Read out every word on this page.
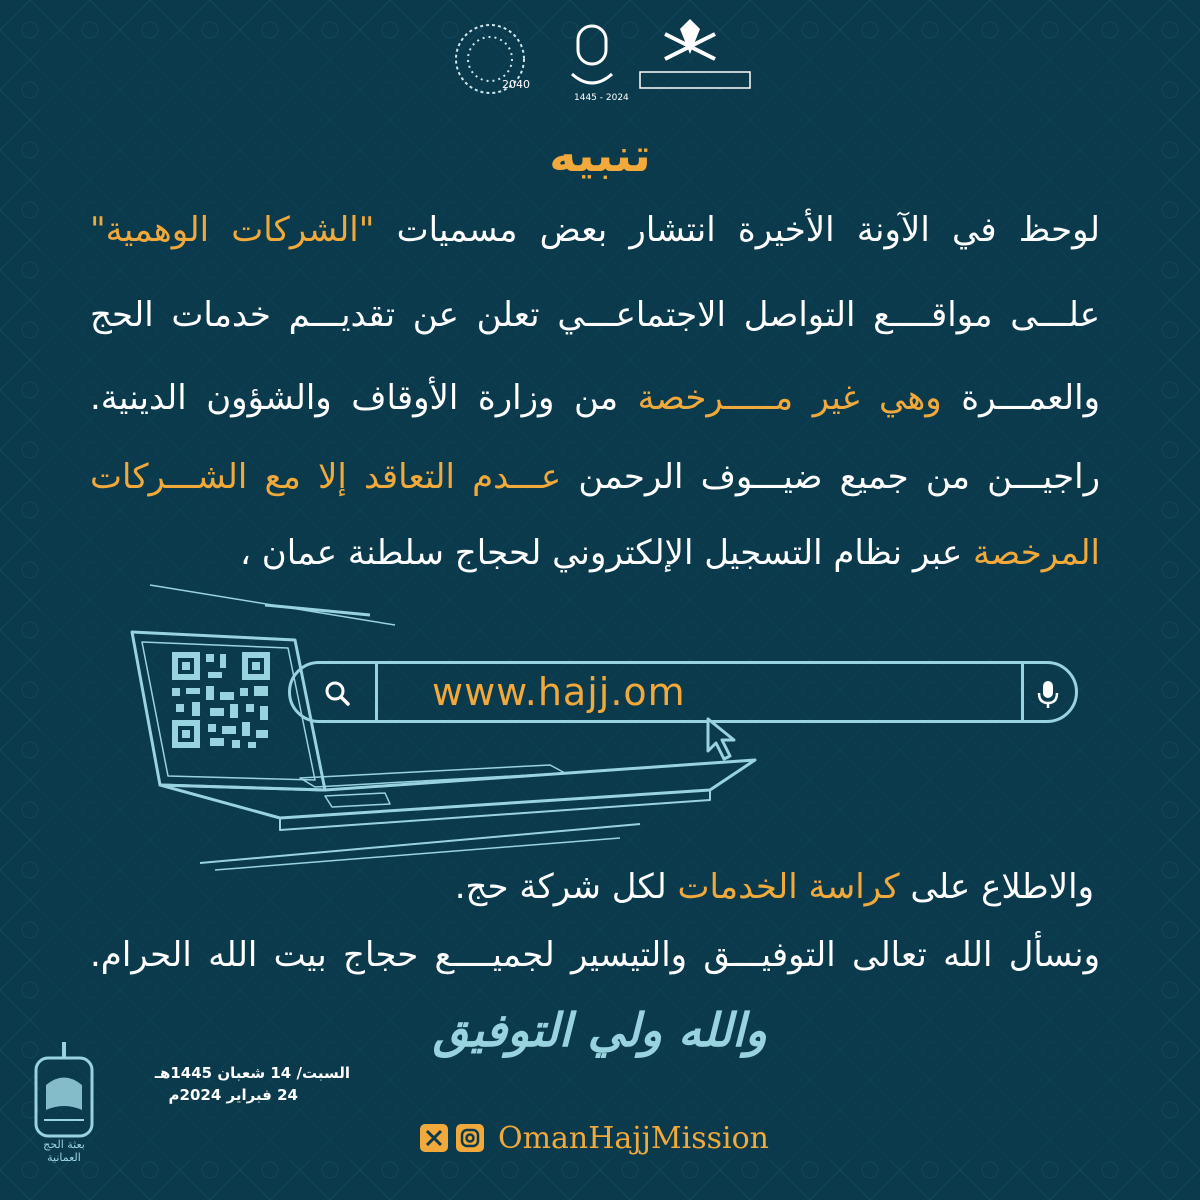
2040
1445 - 2024
تنبيه
لوحظ في الآونة الأخيرة انتشار بعض مسميات "الشركات الوهمية"
علـــى مواقــــع التواصل الاجتماعـــي تعلن عن تقديـــم خدمات الحج
والعمـــرة وهي غير مـــــرخصة من وزارة الأوقاف والشؤون الدينية.
راجيـــن من جميع ضيـــوف الرحمن عـــدم التعاقد إلا مع الشـــركات
المرخصة عبر نظام التسجيل الإلكتروني لحجاج سلطنة عمان ،
www.hajj.om
والاطلاع على كراسة الخدمات لكل شركة حج.
ونسأل الله تعالى التوفيـــق والتيسير لجميــــع حجاج بيت الله الحرام.
والله ولي التوفيق
السبت/ 14 شعبان 1445هـ
24 فبراير 2024م
بعثة الحج العمانية
OmanHajjMission
